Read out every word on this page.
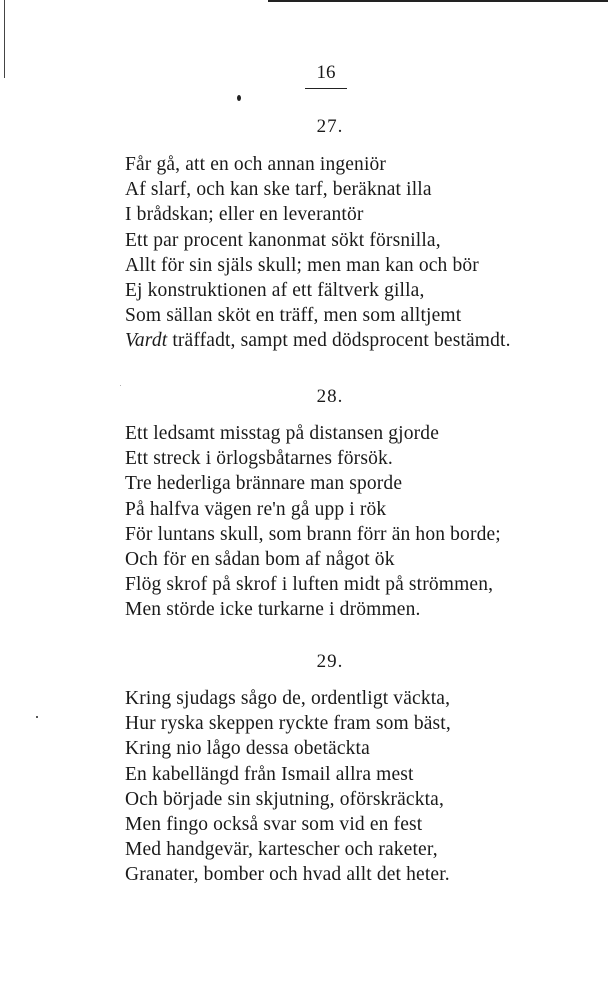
16
27.
Får gå, att en och annan ingeniör
Af slarf, och kan ske tarf, beräknat illa
I brådskan; eller en leverantör
Ett par procent kanonmat sökt försnilla,
Allt för sin själs skull; men man kan och bör
Ej konstruktionen af ett fältverk gilla,
Som sällan sköt en träff, men som alltjemt
Vardt träffadt, sampt med dödsprocent bestämdt.
28.
Ett ledsamt misstag på distansen gjorde
Ett streck i örlogsbåtarnes försök.
Tre hederliga brännare man sporde
På halfva vägen re'n gå upp i rök
För luntans skull, som brann förr än hon borde;
Och för en sådan bom af något ök
Flög skrof på skrof i luften midt på strömmen,
Men störde icke turkarne i drömmen.
29.
Kring sjudags sågo de, ordentligt väckta,
Hur ryska skeppen ryckte fram som bäst,
Kring nio lågo dessa obetäckta
En kabellängd från Ismail allra mest
Och började sin skjutning, oförskräckta,
Men fingo också svar som vid en fest
Med handgevär, kartescher och raketer,
Granater, bomber och hvad allt det heter.
